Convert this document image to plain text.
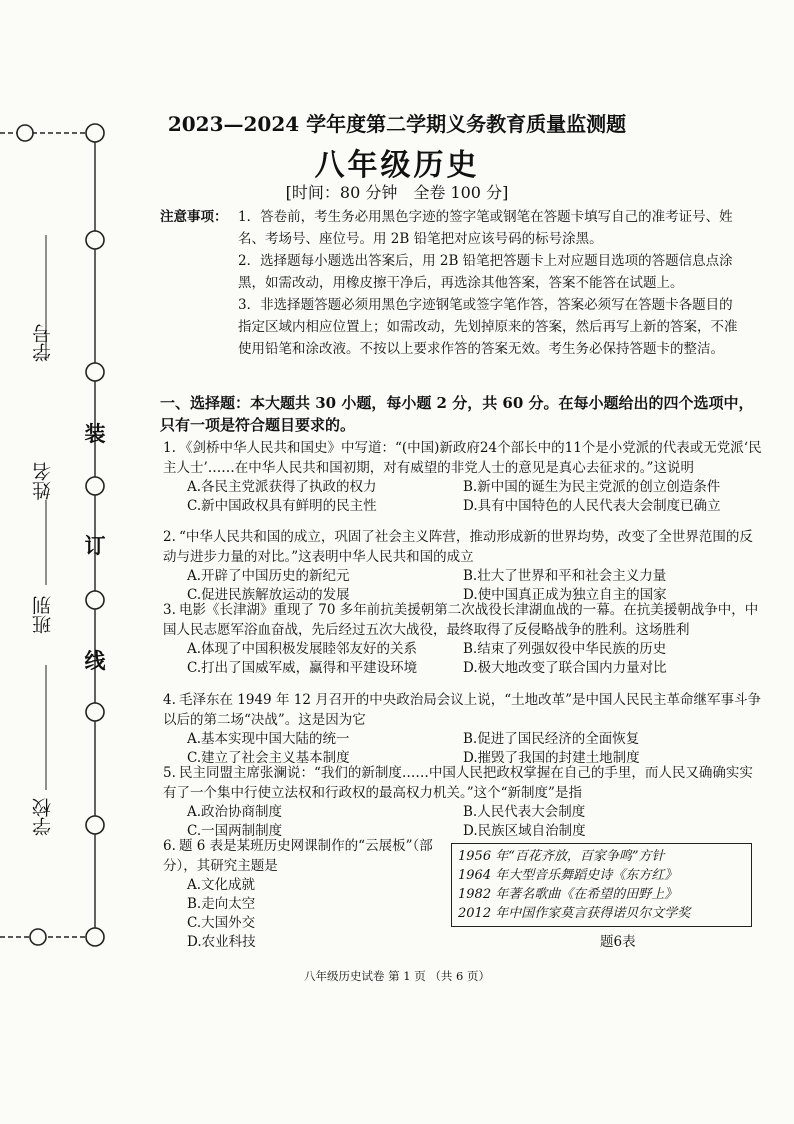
学号
姓名
班别
学校
装
订
线
2023—2024 学年度第二学期义务教育质量监测题
八年级历史
[时间：80 分钟　全卷 100 分]
注意事项： 1．答卷前，考生务必用黑色字迹的签字笔或钢笔在答题卡填写自己的准考证号、姓名、考场号、座位号。用 2B 铅笔把对应该号码的标号涂黑。

2．选择题每小题选出答案后，用 2B 铅笔把答题卡上对应题目选项的答题信息点涂黑，如需改动，用橡皮擦干净后，再选涂其他答案，答案不能答在试题上。

3．非选择题答题必须用黑色字迹钢笔或签字笔作答，答案必须写在答题卡各题目的指定区域内相应位置上；如需改动，先划掉原来的答案，然后再写上新的答案，不准使用铅笔和涂改液。不按以上要求作答的答案无效。考生务必保持答题卡的整洁。

一、选择题：本大题共 30 小题，每小题 2 分，共 60 分。在每小题给出的四个选项中，只有一项是符合题目要求的。

1. 《剑桥中华人民共和国史》中写道：“(中国)新政府24个部长中的11个是小党派的代表或无党派‘民主人士’……在中华人民共和国初期，对有威望的非党人士的意见是真心去征求的。”这说明

A.各民主党派获得了执政的权力	B.新中国的诞生为民主党派的创立创造条件
C.新中国政权具有鲜明的民主性	D.具有中国特色的人民代表大会制度已确立

2. “中华人民共和国的成立，巩固了社会主义阵营，推动形成新的世界均势，改变了全世界范围的反动与进步力量的对比。”这表明中华人民共和国的成立

A.开辟了中国历史的新纪元	B.壮大了世界和平和社会主义力量
C.促进民族解放运动的发展	D.使中国真正成为独立自主的国家

3. 电影《长津湖》重现了 70 多年前抗美援朝第二次战役长津湖血战的一幕。在抗美援朝战争中，中国人民志愿军浴血奋战，先后经过五次大战役，最终取得了反侵略战争的胜利。这场胜利

A.体现了中国积极发展睦邻友好的关系	B.结束了列强奴役中华民族的历史
C.打出了国威军威，赢得和平建设环境	D.极大地改变了联合国内力量对比

4. 毛泽东在 1949 年 12 月召开的中央政治局会议上说，“土地改革”是中国人民民主革命继军事斗争以后的第二场“决战”。这是因为它

A.基本实现中国大陆的统一	B.促进了国民经济的全面恢复
C.建立了社会主义基本制度	D.摧毁了我国的封建土地制度

5. 民主同盟主席张澜说：“我们的新制度……中国人民把政权掌握在自己的手里，而人民又确确实实有了一个集中行使立法权和行政权的最高权力机关。”这个“新制度”是指

A.政治协商制度	B.人民代表大会制度
C.一国两制制度	D.民族区域自治制度

6. 题 6 表是某班历史网课制作的“云展板”（部分），其研究主题是

A.文化成就
B.走向太空
C.大国外交
D.农业科技
1956 年“百花齐放，百家争鸣”方针
1964 年大型音乐舞蹈史诗《东方红》
1982 年著名歌曲《在希望的田野上》
2012 年中国作家莫言获得诺贝尔文学奖
题6表
八年级历史试卷 第 1 页 （共 6 页）
